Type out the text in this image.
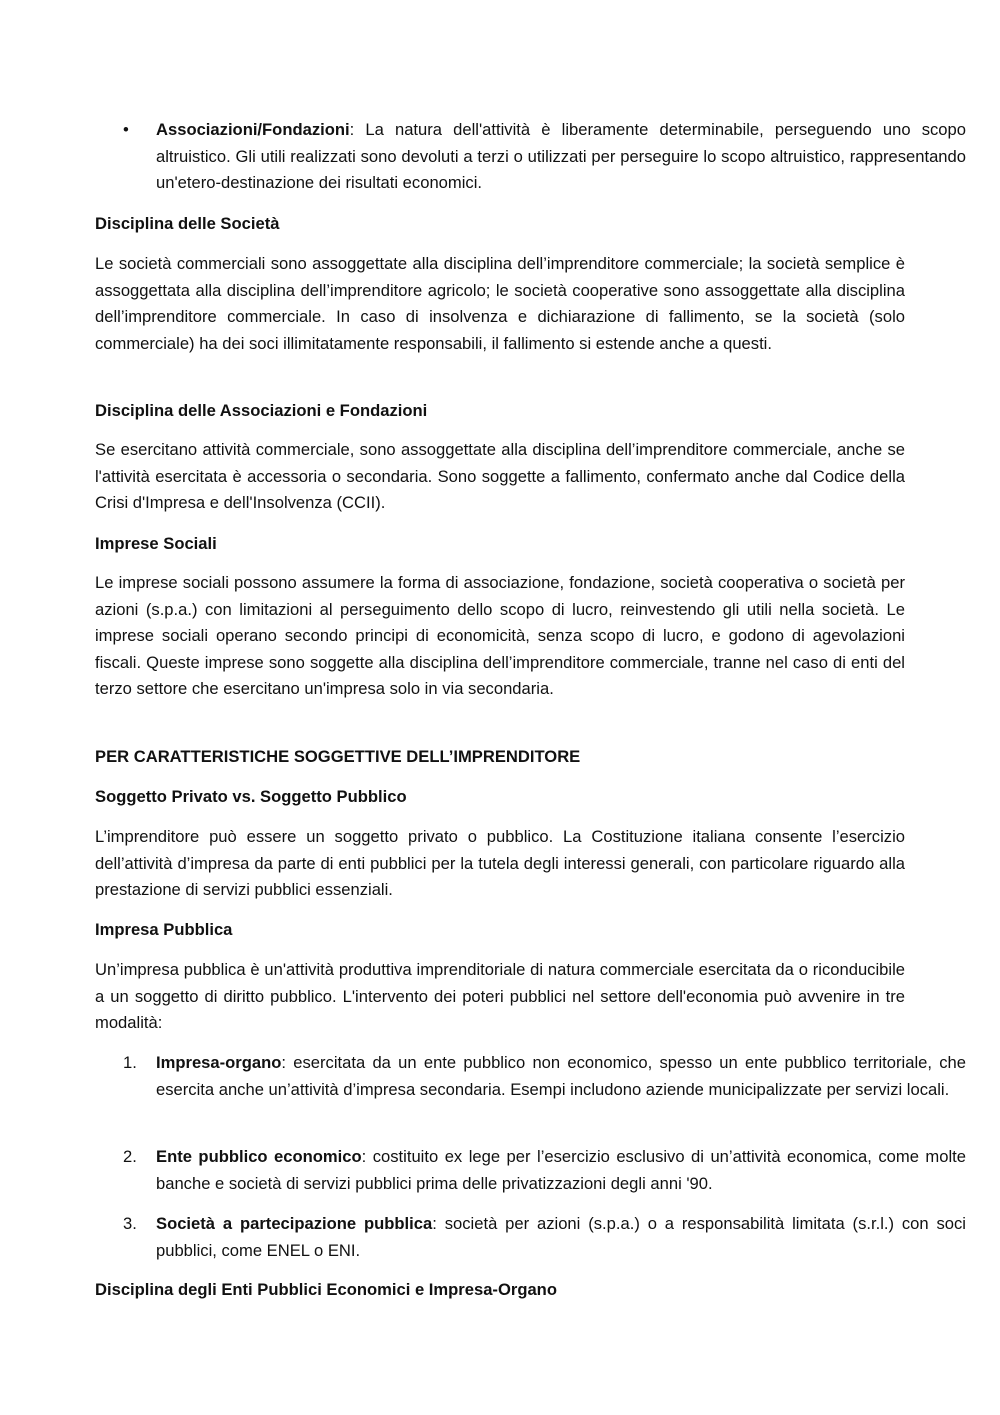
• Associazioni/Fondazioni: La natura dell'attività è liberamente determinabile, perseguendo uno scopo altruistico. Gli utili realizzati sono devoluti a terzi o utilizzati per perseguire lo scopo altruistico, rappresentando un'etero-destinazione dei risultati economici.
Disciplina delle Società

Le società commerciali sono assoggettate alla disciplina dell’imprenditore commerciale; la società semplice è assoggettata alla disciplina dell’imprenditore agricolo; le società cooperative sono assoggettate alla disciplina dell’imprenditore commerciale. In caso di insolvenza e dichiarazione di fallimento, se la società (solo commerciale) ha dei soci illimitatamente responsabili, il fallimento si estende anche a questi.

Disciplina delle Associazioni e Fondazioni

Se esercitano attività commerciale, sono assoggettate alla disciplina dell’imprenditore commerciale, anche se l'attività esercitata è accessoria o secondaria. Sono soggette a fallimento, confermato anche dal Codice della Crisi d'Impresa e dell'Insolvenza (CCII).

Imprese Sociali

Le imprese sociali possono assumere la forma di associazione, fondazione, società cooperativa o società per azioni (s.p.a.) con limitazioni al perseguimento dello scopo di lucro, reinvestendo gli utili nella società. Le imprese sociali operano secondo principi di economicità, senza scopo di lucro, e godono di agevolazioni fiscali. Queste imprese sono soggette alla disciplina dell’imprenditore commerciale, tranne nel caso di enti del terzo settore che esercitano un'impresa solo in via secondaria.

PER CARATTERISTICHE SOGGETTIVE DELL’IMPRENDITORE
Soggetto Privato vs. Soggetto Pubblico

L’imprenditore può essere un soggetto privato o pubblico. La Costituzione italiana consente l’esercizio dell’attività d’impresa da parte di enti pubblici per la tutela degli interessi generali, con particolare riguardo alla prestazione di servizi pubblici essenziali.

Impresa Pubblica

Un’impresa pubblica è un'attività produttiva imprenditoriale di natura commerciale esercitata da o riconducibile a un soggetto di diritto pubblico. L'intervento dei poteri pubblici nel settore dell'economia può avvenire in tre modalità:

1. Impresa-organo: esercitata da un ente pubblico non economico, spesso un ente pubblico territoriale, che esercita anche un’attività d’impresa secondaria. Esempi includono aziende municipalizzate per servizi locali.
2. Ente pubblico economico: costituito ex lege per l’esercizio esclusivo di un’attività economica, come molte banche e società di servizi pubblici prima delle privatizzazioni degli anni '90.
3. Società a partecipazione pubblica: società per azioni (s.p.a.) o a responsabilità limitata (s.r.l.) con soci pubblici, come ENEL o ENI.
Disciplina degli Enti Pubblici Economici e Impresa-Organo
